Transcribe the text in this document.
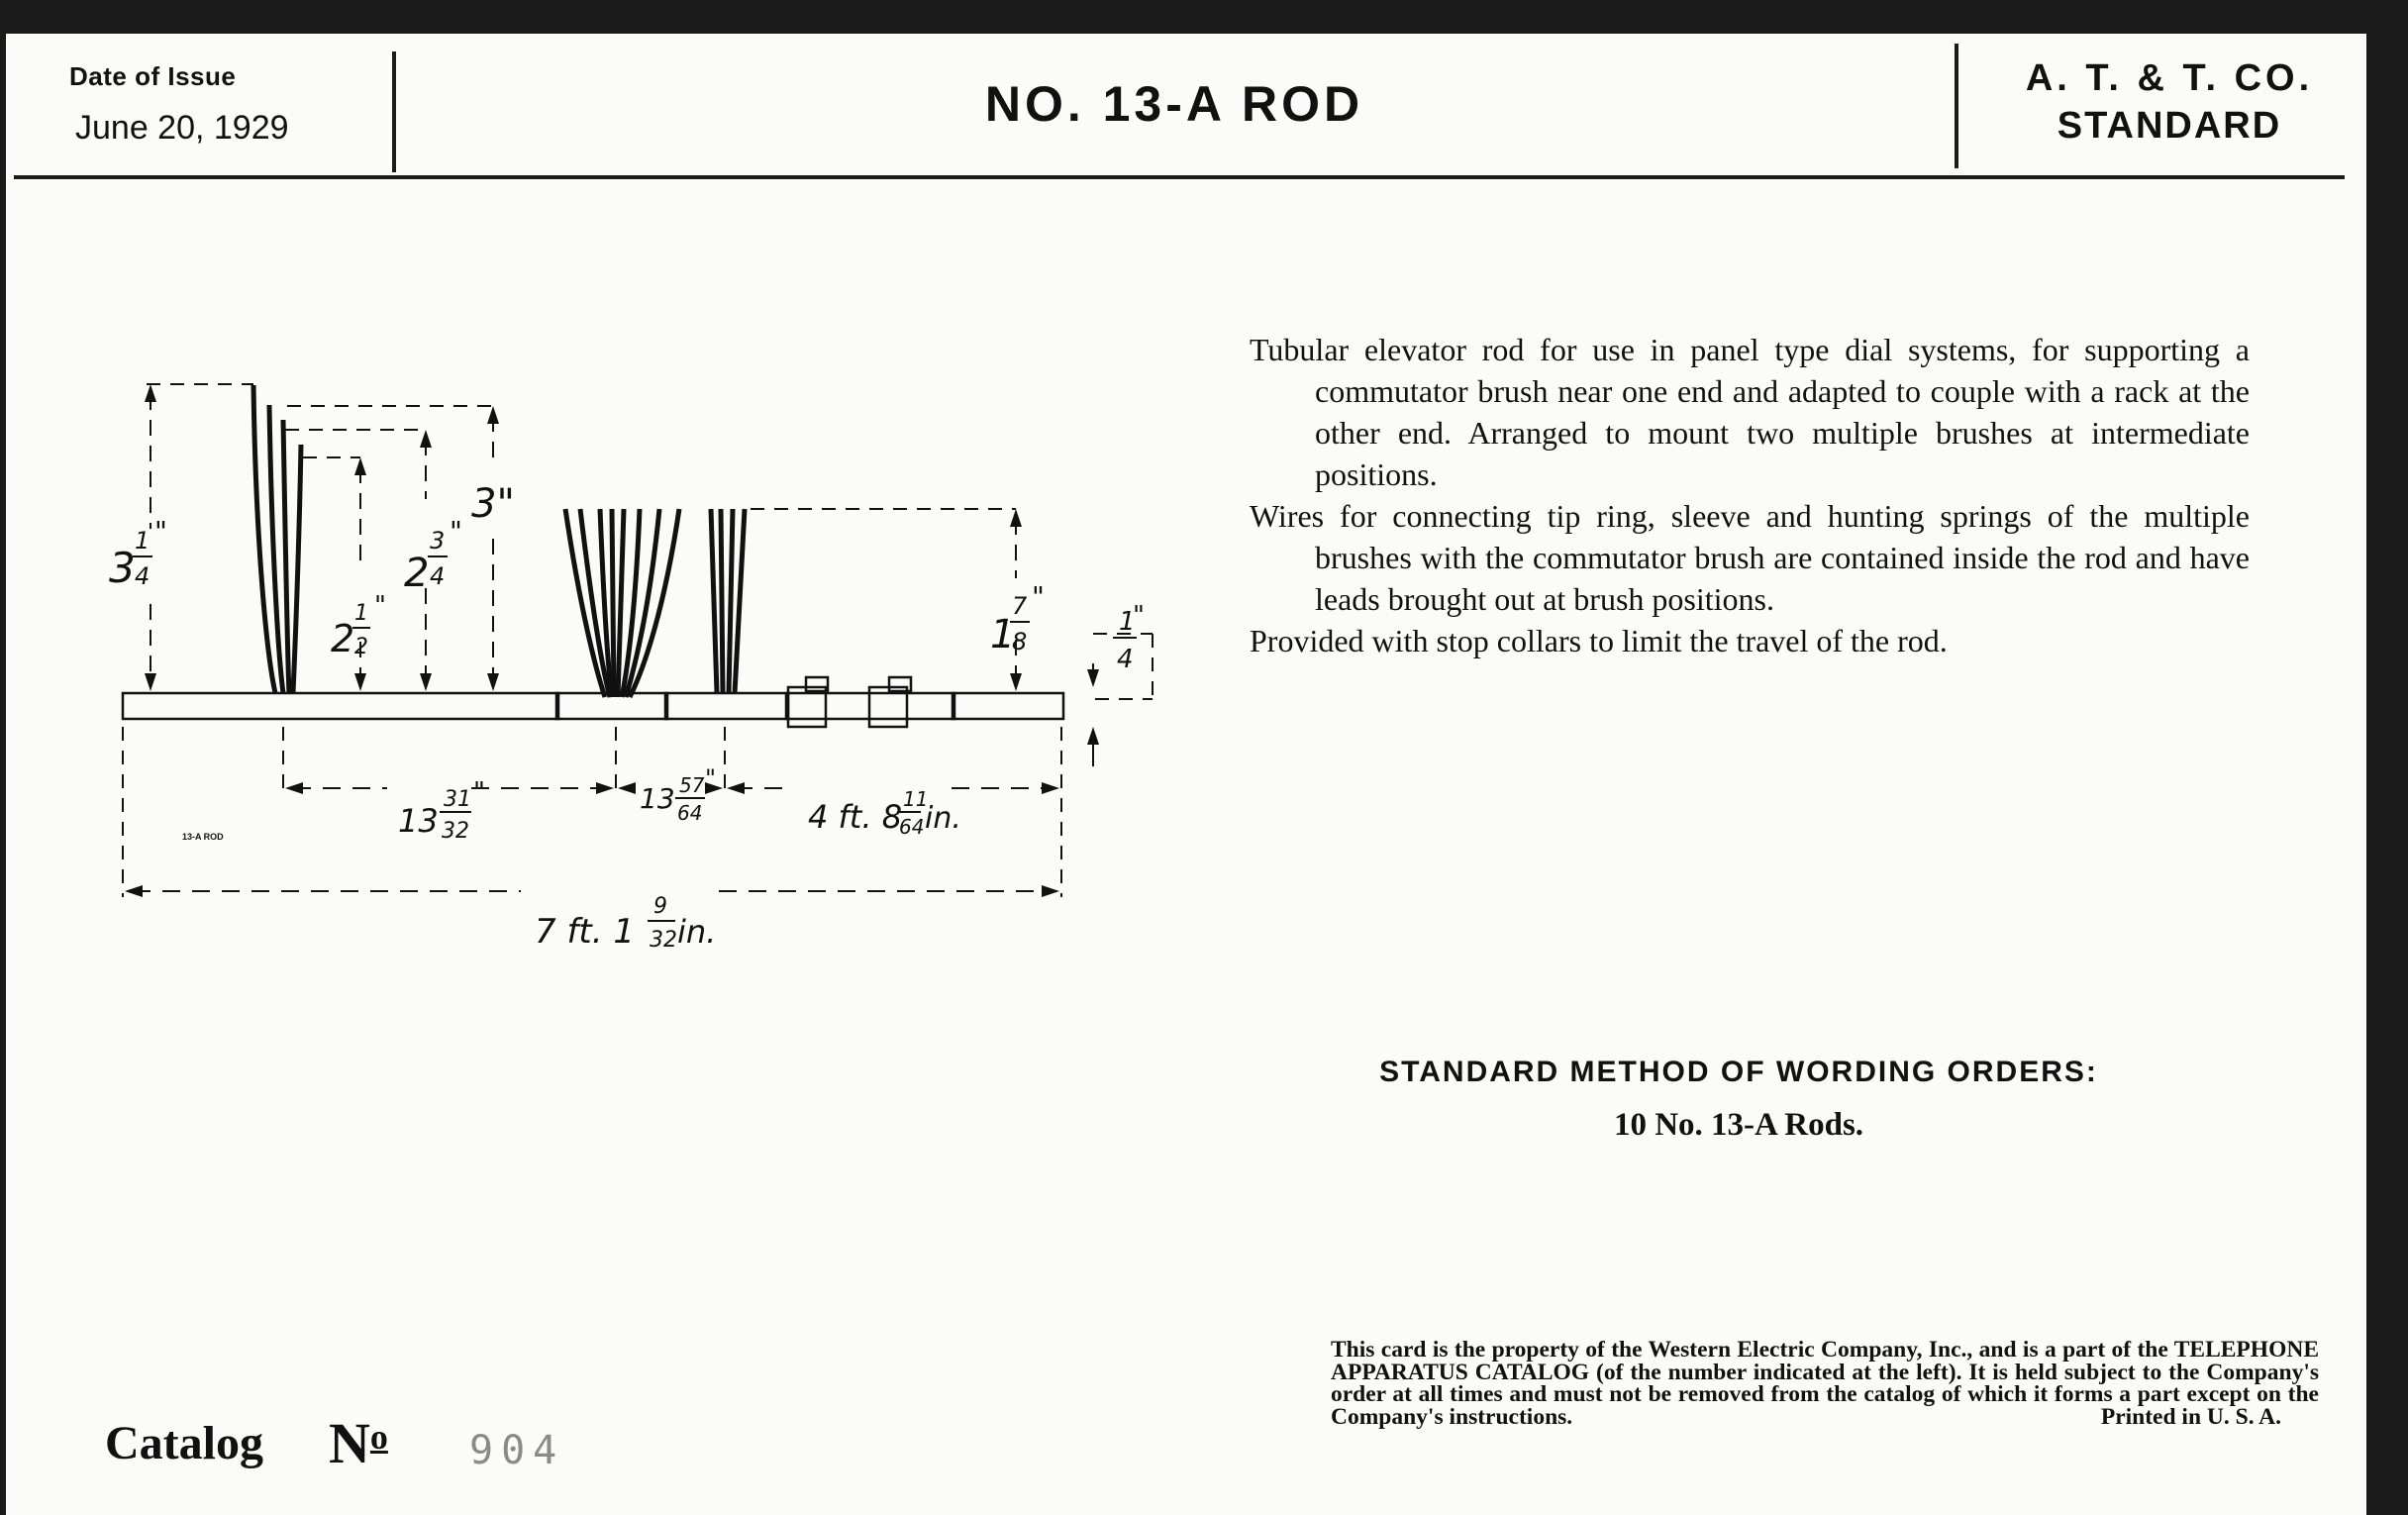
Date of Issue
June 20, 1929	NO. 13-A ROD	A. T. & T. CO.
STANDARD
3
1
4
"
2
1
2
"
2
3
4
"
3"
1
7
8
"
1
"
4
13
31
32
"	13 57
64
"
4 ft. 8 11
64 in.
7 ft. 1
9
32 in.
13-A ROD

Tubular elevator rod for use in panel type dial systems, for supporting a commutator brush near one end and adapted to couple with a rack at the other end. Arranged to mount two multiple brushes at intermediate positions.

Wires for connecting tip ring, sleeve and hunting springs of the multiple brushes with the commutator brush are contained inside the rod and have leads brought out at brush positions.

Provided with stop collars to limit the travel of the rod.

STANDARD METHOD OF WORDING ORDERS:
10 No. 13-A Rods.
Catalog $N^o$ 904
This card is the property of the Western Electric Company, Inc., and is a part of the TELEPHONE APPARATUS CATALOG (of the number indicated at the left). It is held subject to the Company's order at all times and must not be removed from the catalog of which it forms a part except on the Company's instructions.	Printed in U. S. A.
